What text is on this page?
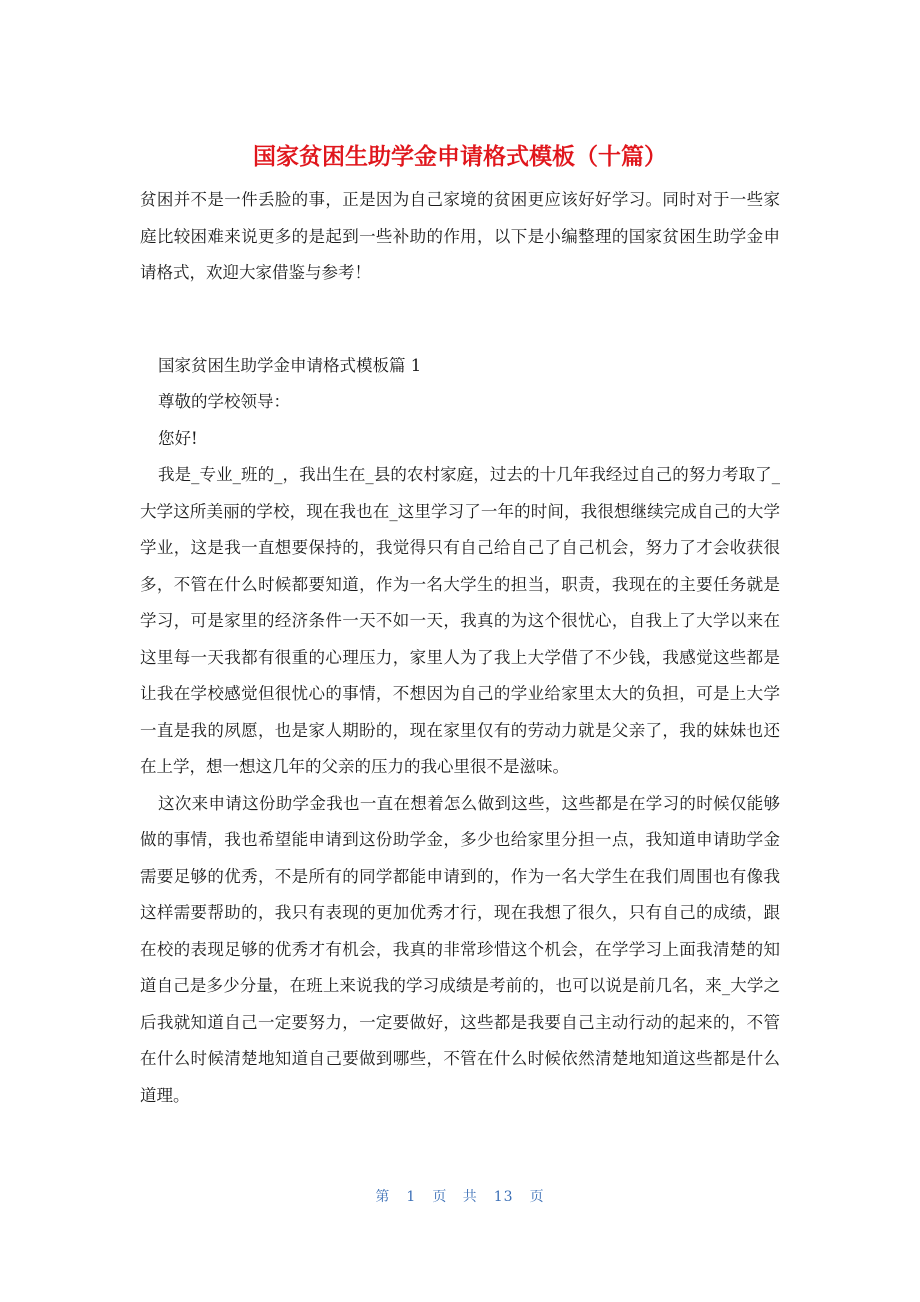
国家贫困生助学金申请格式模板（十篇）

贫困并不是一件丢脸的事，正是因为自己家境的贫困更应该好好学习。同时对于一些家庭比较困难来说更多的是起到一些补助的作用，以下是小编整理的国家贫困生助学金申请格式，欢迎大家借鉴与参考！

国家贫困生助学金申请格式模板篇 1

尊敬的学校领导：

您好!

我是_专业_班的_，我出生在_县的农村家庭，过去的十几年我经过自己的努力考取了_大学这所美丽的学校，现在我也在_这里学习了一年的时间，我很想继续完成自己的大学学业，这是我一直想要保持的，我觉得只有自己给自己了自己机会，努力了才会收获很多，不管在什么时候都要知道，作为一名大学生的担当，职责，我现在的主要任务就是学习，可是家里的经济条件一天不如一天，我真的为这个很忧心，自我上了大学以来在这里每一天我都有很重的心理压力，家里人为了我上大学借了不少钱，我感觉这些都是让我在学校感觉但很忧心的事情，不想因为自己的学业给家里太大的负担，可是上大学一直是我的夙愿，也是家人期盼的，现在家里仅有的劳动力就是父亲了，我的妹妹也还在上学，想一想这几年的父亲的压力的我心里很不是滋味。

这次来申请这份助学金我也一直在想着怎么做到这些，这些都是在学习的时候仅能够做的事情，我也希望能申请到这份助学金，多少也给家里分担一点，我知道申请助学金需要足够的优秀，不是所有的同学都能申请到的，作为一名大学生在我们周围也有像我这样需要帮助的，我只有表现的更加优秀才行，现在我想了很久，只有自己的成绩，跟在校的表现足够的优秀才有机会，我真的非常珍惜这个机会，在学学习上面我清楚的知道自己是多少分量，在班上来说我的学习成绩是考前的，也可以说是前几名，来_大学之后我就知道自己一定要努力，一定要做好，这些都是我要自己主动行动的起来的，不管在什么时候清楚地知道自己要做到哪些，不管在什么时候依然清楚地知道这些都是什么道理。

第 1 页 共 13 页
